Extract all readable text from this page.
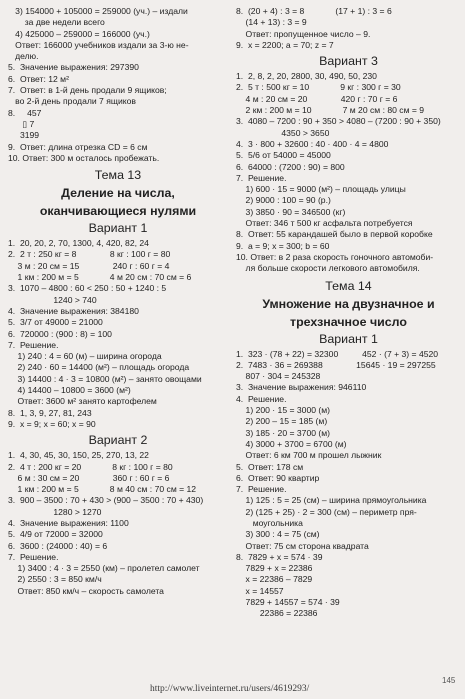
3) 154000 + 105000 = 259000 (уч.) – издали
за две недели всего
4) 425000 – 259000 = 166000 (уч.)
Ответ: 166000 учебников издали за 3-ю не-
делю.
5.  Значение выражения: 297390
6.  Ответ: 12 м²
7.  Ответ: в 1-й день продали 9 ящиков;
во 2-й день продали 7 ящиков
8.     457
▯ 7
3199
9.  Ответ: длина отрезка CD = 6 см
10. Ответ: 300 м осталось пробежать.
Тема 13
Деление на числа,
оканчивающиеся нулями
Вариант 1
1.  20, 20, 2, 70, 1300, 4, 420, 82, 24
2.  2 т : 250 кг = 8              8 кг : 100 г = 80
3 м : 20 см = 15              240 г : 60 г = 4
1 км : 200 м = 5             4 м 20 см : 70 см = 6
3.  1070 – 4800 : 60 < 250 : 50 + 1240 : 5
1240 > 740
4.  Значение выражения: 384180
5.  3/7 от 49000 = 21000
6.  720000 : (900 : 8) = 100
7.  Решение.
1) 240 : 4 = 60 (м) – ширина огорода
2) 240 · 60 = 14400 (м²) – площадь огорода
3) 14400 : 4 · 3 = 10800 (м²) – занято овощами
4) 14400 – 10800 = 3600 (м²)
Ответ: 3600 м² занято картофелем
8.  1, 3, 9, 27, 81, 243
9.  x = 9; x = 60; x = 90
Вариант 2
1.  4, 30, 45, 30, 150, 25, 270, 13, 22
2.  4 т : 200 кг = 20             8 кг : 100 г = 80
6 м : 30 см = 20              360 г : 60 г = 6
1 км : 200 м = 5             8 м 40 см : 70 см = 12
3.  900 – 3500 : 70 + 430 > (900 – 3500 : 70 + 430)
1280 > 1270
4.  Значение выражения: 1100
5.  4/9 от 72000 = 32000
6.  3600 : (24000 : 40) = 6
7.  Решение.
1) 3400 : 4 · 3 = 2550 (км) – пролетел самолет
2) 2550 : 3 = 850 км/ч
Ответ: 850 км/ч – скорость самолета
8.  (20 + 4) : 3 = 8             (17 + 1) : 3 = 6
(14 + 13) : 3 = 9
Ответ: пропущенное число – 9.
9.  x = 2200; a = 70; z = 7
Вариант 3
1.  2, 8, 2, 20, 2800, 30, 490, 50, 230
2.  5 т : 500 кг = 10             9 кг : 300 г = 30
4 м : 20 см = 20              420 г : 70 г = 6
2 км : 200 м = 10             7 м 20 см : 80 см = 9
3.  4080 – 7200 : 90 + 350 > 4080 – (7200 : 90 + 350)
4350 > 3650
4.  3 · 800 + 32600 : 40 · 400 · 4 = 4800
5.  5/6 от 54000 = 45000
6.  64000 : (7200 : 90) = 800
7.  Решение.
1) 600 · 15 = 9000 (м²) – площадь улицы
2) 9000 : 100 = 90 (р.)
3) 3850 · 90 = 346500 (кг)
Ответ: 346 т 500 кг асфальта потребуется
8.  Ответ: 55 карандашей было в первой коробке
9.  a = 9; x = 300; b = 60
10. Ответ: в 2 раза скорость гоночного автомоби-
ля больше скорости легкового автомобиля.
Тема 14
Умножение на двузначное и
трехзначное число
Вариант 1
1.  323 · (78 + 22) = 32300          452 · (7 + 3) = 4520
2.  7483 · 36 = 269388              15645 · 19 = 297255
807 · 304 = 245328
3.  Значение выражения: 946110
4.  Решение.
1) 200 · 15 = 3000 (м)
2) 200 – 15 = 185 (м)
3) 185 · 20 = 3700 (м)
4) 3000 + 3700 = 6700 (м)
Ответ: 6 км 700 м прошел лыжник
5.  Ответ: 178 см
6.  Ответ: 90 квартир
7.  Решение.
1) 125 : 5 = 25 (см) – ширина прямоугольника
2) (125 + 25) · 2 = 300 (см) – периметр пря-
моугольника
3) 300 : 4 = 75 (см)
Ответ: 75 см сторона квадрата
8.  7829 + x = 574 · 39
7829 + x = 22386
x = 22386 – 7829
x = 14557
7829 + 14557 = 574 · 39
22386 = 22386
145
http://www.liveinternet.ru/users/4619293/
